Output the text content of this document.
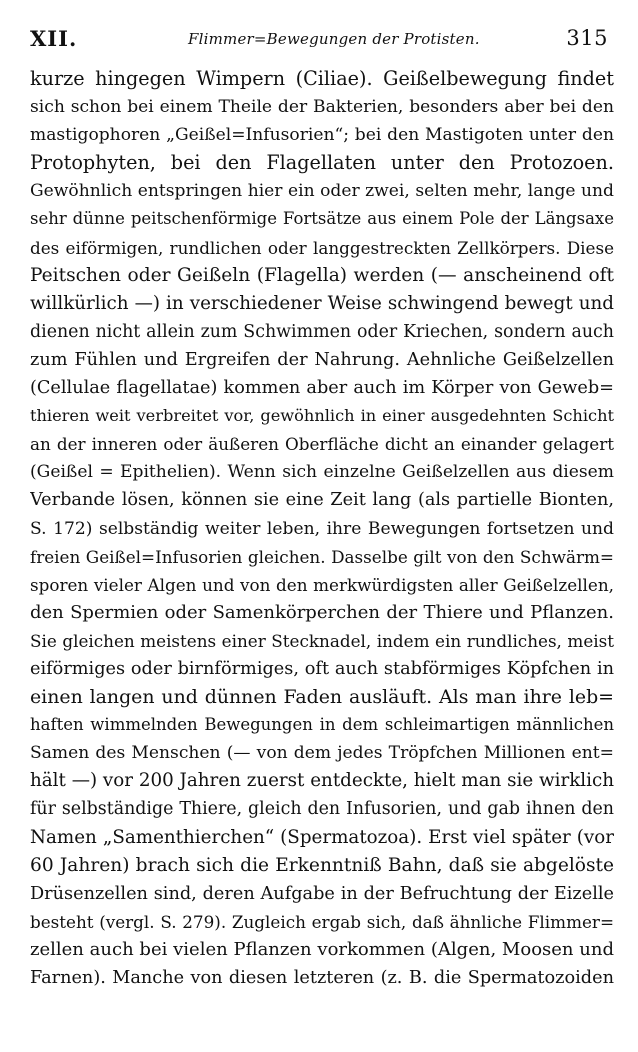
XII.	Flimmer=Bewegungen der Protisten.	315
kurze hingegen Wimpern (Ciliae). Geißelbewegung findet
sich schon bei einem Theile der Bakterien, besonders aber bei den
mastigophoren „Geißel=Infusorien“; bei den Mastigoten unter den
Protophyten, bei den Flagellaten unter den Protozoen.
Gewöhnlich entspringen hier ein oder zwei, selten mehr, lange und
sehr dünne peitschenförmige Fortsätze aus einem Pole der Längsaxe
des eiförmigen, rundlichen oder langgestreckten Zellkörpers. Diese
Peitschen oder Geißeln (Flagella) werden (— anscheinend oft
willkürlich —) in verschiedener Weise schwingend bewegt und
dienen nicht allein zum Schwimmen oder Kriechen, sondern auch
zum Fühlen und Ergreifen der Nahrung. Aehnliche Geißelzellen
(Cellulae flagellatae) kommen aber auch im Körper von Geweb=
thieren weit verbreitet vor, gewöhnlich in einer ausgedehnten Schicht
an der inneren oder äußeren Oberfläche dicht an einander gelagert
(Geißel = Epithelien). Wenn sich einzelne Geißelzellen aus diesem
Verbande lösen, können sie eine Zeit lang (als partielle Bionten,
S. 172) selbständig weiter leben, ihre Bewegungen fortsetzen und
freien Geißel=Infusorien gleichen. Dasselbe gilt von den Schwärm=
sporen vieler Algen und von den merkwürdigsten aller Geißelzellen,
den Spermien oder Samenkörperchen der Thiere und Pflanzen.
Sie gleichen meistens einer Stecknadel, indem ein rundliches, meist
eiförmiges oder birnförmiges, oft auch stabförmiges Köpfchen in
einen langen und dünnen Faden ausläuft. Als man ihre leb=
haften wimmelnden Bewegungen in dem schleimartigen männlichen
Samen des Menschen (— von dem jedes Tröpfchen Millionen ent=
hält —) vor 200 Jahren zuerst entdeckte, hielt man sie wirklich
für selbständige Thiere, gleich den Infusorien, und gab ihnen den
Namen „Samenthierchen“ (Spermatozoa). Erst viel später (vor
60 Jahren) brach sich die Erkenntniß Bahn, daß sie abgelöste
Drüsenzellen sind, deren Aufgabe in der Befruchtung der Eizelle
besteht (vergl. S. 279). Zugleich ergab sich, daß ähnliche Flimmer=
zellen auch bei vielen Pflanzen vorkommen (Algen, Moosen und
Farnen). Manche von diesen letzteren (z. B. die Spermatozoiden
